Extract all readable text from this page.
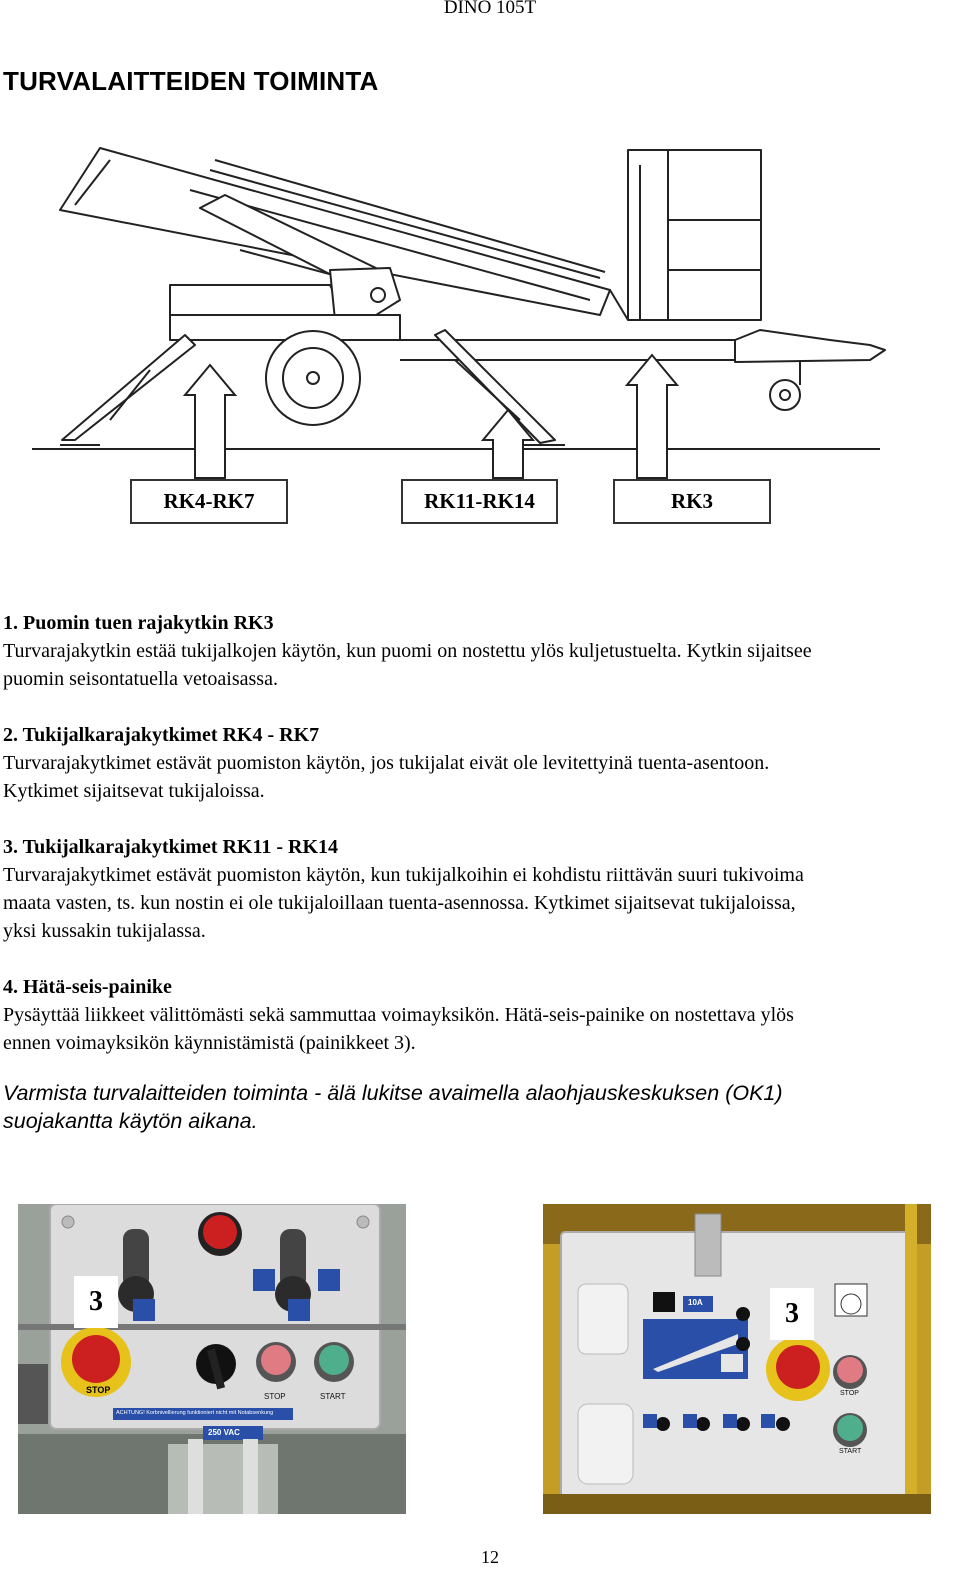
DINO 105T
TURVALAITTEIDEN TOIMINTA
RK4-RK7	RK11-RK14	RK3
1. Puomin tuen rajakytkin RK3

Turvarajakytkin estää tukijalkojen käytön, kun puomi on nostettu ylös kuljetustuelta. Kytkin sijaitsee

puomin seisontatuella vetoaisassa.

2. Tukijalkarajakytkimet RK4 - RK7

Turvarajakytkimet estävät puomiston käytön, jos tukijalat eivät ole levitettyinä tuenta-asentoon.

Kytkimet sijaitsevat tukijaloissa.

3. Tukijalkarajakytkimet RK11 - RK14

Turvarajakytkimet estävät puomiston käytön, kun tukijalkoihin ei kohdistu riittävän suuri tukivoima

maata vasten, ts. kun nostin ei ole tukijaloillaan tuenta-asennossa. Kytkimet sijaitsevat tukijaloissa,

yksi kussakin tukijalassa.

4. Hätä-seis-painike

Pysäyttää liikkeet välittömästi sekä sammuttaa voimayksikön. Hätä-seis-painike on nostettava ylös

ennen voimayksikön käynnistämistä (painikkeet 3).

Varmista turvalaitteiden toiminta - älä lukitse avaimella alaohjauskeskuksen (OK1)
suojakantta käytön aikana.
3
STOP
STOP	START
ACHTUNG! Korbnivellierung funktioniert nicht mit Notabsenkung
250 VAC
3
10A
STOP
START
12
